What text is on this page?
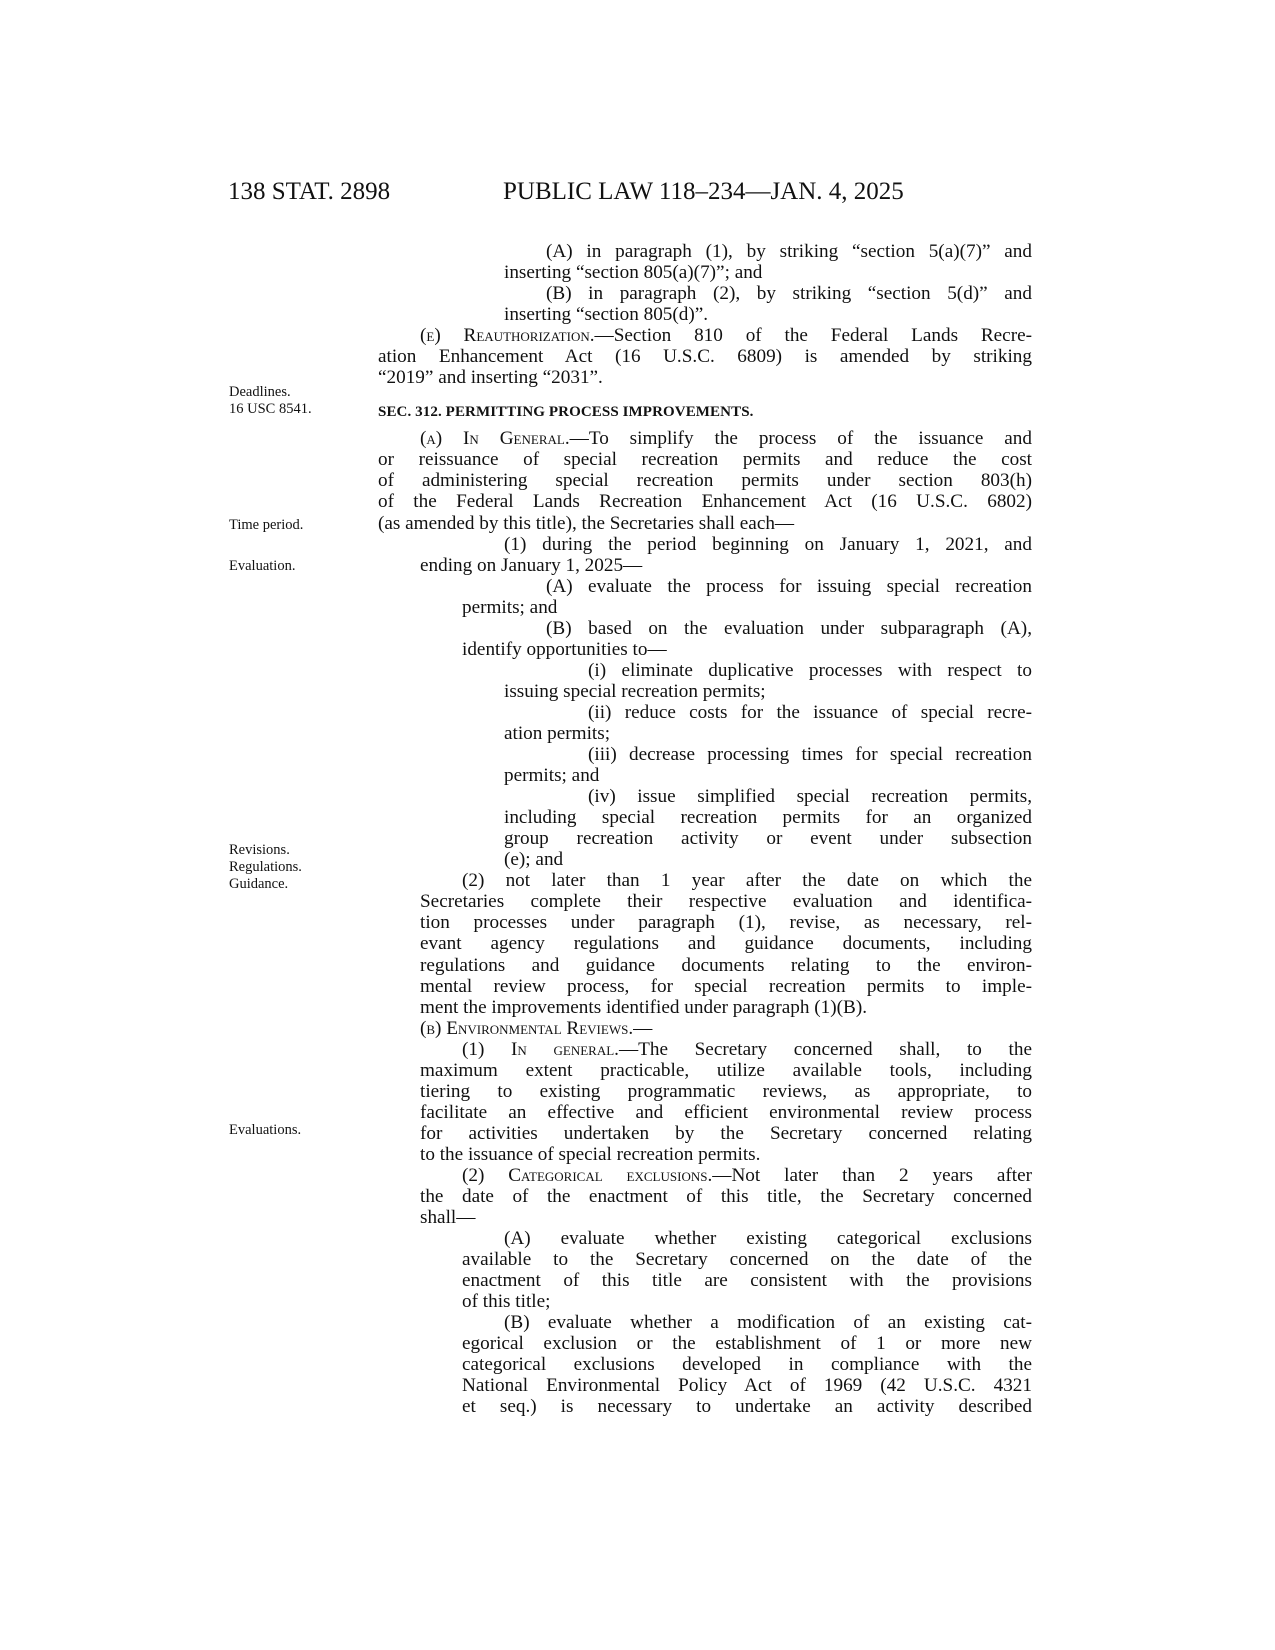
138 STAT. 2898	PUBLIC LAW 118–234—JAN. 4, 2025
Deadlines.
16 USC 8541.
Time period.
Evaluation.
Revisions.
Regulations.
Guidance.
Evaluations.
(A) in paragraph (1), by striking “section 5(a)(7)” and
inserting “section 805(a)(7)”; and
(B) in paragraph (2), by striking “section 5(d)” and
inserting “section 805(d)”.
(e) Reauthorization.—Section 810 of the Federal Lands Recre-
ation Enhancement Act (16 U.S.C. 6809) is amended by striking
“2019” and inserting “2031”.
SEC. 312. PERMITTING PROCESS IMPROVEMENTS.
(a) In General.—To simplify the process of the issuance and
or reissuance of special recreation permits and reduce the cost
of administering special recreation permits under section 803(h)
of the Federal Lands Recreation Enhancement Act (16 U.S.C. 6802)
(as amended by this title), the Secretaries shall each—
(1) during the period beginning on January 1, 2021, and
ending on January 1, 2025—
(A) evaluate the process for issuing special recreation
permits; and
(B) based on the evaluation under subparagraph (A),
identify opportunities to—
(i) eliminate duplicative processes with respect to
issuing special recreation permits;
(ii) reduce costs for the issuance of special recre-
ation permits;
(iii) decrease processing times for special recreation
permits; and
(iv) issue simplified special recreation permits,
including special recreation permits for an organized
group recreation activity or event under subsection
(e); and
(2) not later than 1 year after the date on which the
Secretaries complete their respective evaluation and identifica-
tion processes under paragraph (1), revise, as necessary, rel-
evant agency regulations and guidance documents, including
regulations and guidance documents relating to the environ-
mental review process, for special recreation permits to imple-
ment the improvements identified under paragraph (1)(B).
(b) Environmental Reviews.—
(1) In general.—The Secretary concerned shall, to the
maximum extent practicable, utilize available tools, including
tiering to existing programmatic reviews, as appropriate, to
facilitate an effective and efficient environmental review process
for activities undertaken by the Secretary concerned relating
to the issuance of special recreation permits.
(2) Categorical exclusions.—Not later than 2 years after
the date of the enactment of this title, the Secretary concerned
shall—
(A) evaluate whether existing categorical exclusions
available to the Secretary concerned on the date of the
enactment of this title are consistent with the provisions
of this title;
(B) evaluate whether a modification of an existing cat-
egorical exclusion or the establishment of 1 or more new
categorical exclusions developed in compliance with the
National Environmental Policy Act of 1969 (42 U.S.C. 4321
et seq.) is necessary to undertake an activity described
